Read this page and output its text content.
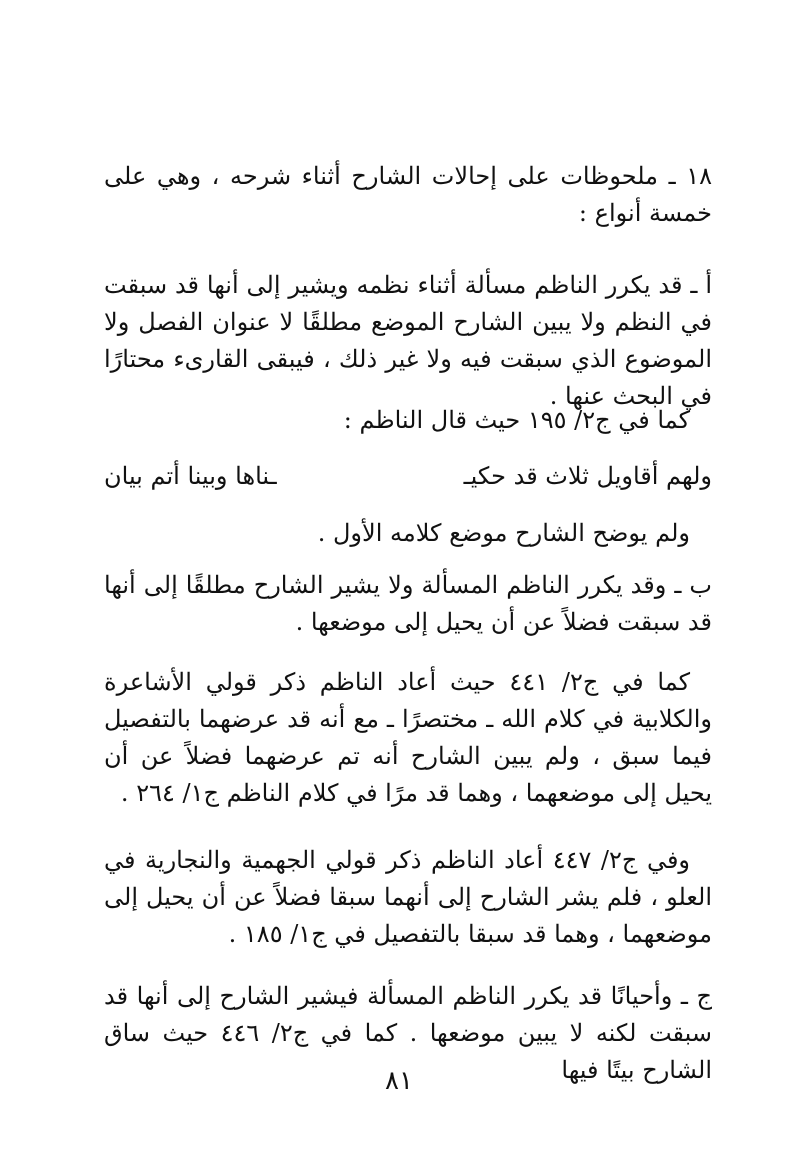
١٨ ـ ملحوظات على إحالات الشارح أثناء شرحه ، وهي على خمسة أنواع :

أ ـ قد يكرر الناظم مسألة أثناء نظمه ويشير إلى أنها قد سبقت في النظم ولا يبين الشارح الموضع مطلقًا لا عنوان الفصل ولا الموضوع الذي سبقت فيه ولا غير ذلك ، فيبقى القارىء محتارًا في البحث عنها .

كما في ج٢/ ١٩٥ حيث قال الناظم :

ولهم أقاويل ثلاث قد حكيـ
ـناها وبينا أتم بيان

ولم يوضح الشارح موضع كلامه الأول .

ب ـ وقد يكرر الناظم المسألة ولا يشير الشارح مطلقًا إلى أنها قد سبقت فضلاً عن أن يحيل إلى موضعها .

كما في ج٢/ ٤٤١ حيث أعاد الناظم ذكر قولي الأشاعرة والكلابية في كلام الله ـ مختصرًا ـ مع أنه قد عرضهما بالتفصيل فيما سبق ، ولم يبين الشارح أنه تم عرضهما فضلاً عن أن يحيل إلى موضعهما ، وهما قد مرًا في كلام الناظم ج١/ ٢٦٤ .

وفي ج٢/ ٤٤٧ أعاد الناظم ذكر قولي الجهمية والنجارية في العلو ، فلم يشر الشارح إلى أنهما سبقا فضلاً عن أن يحيل إلى موضعهما ، وهما قد سبقا بالتفصيل في ج١/ ١٨٥ .

ج ـ وأحيانًا قد يكرر الناظم المسألة فيشير الشارح إلى أنها قد سبقت لكنه لا يبين موضعها . كما في ج٢/ ٤٤٦ حيث ساق الشارح بيتًا فيها

٨١
